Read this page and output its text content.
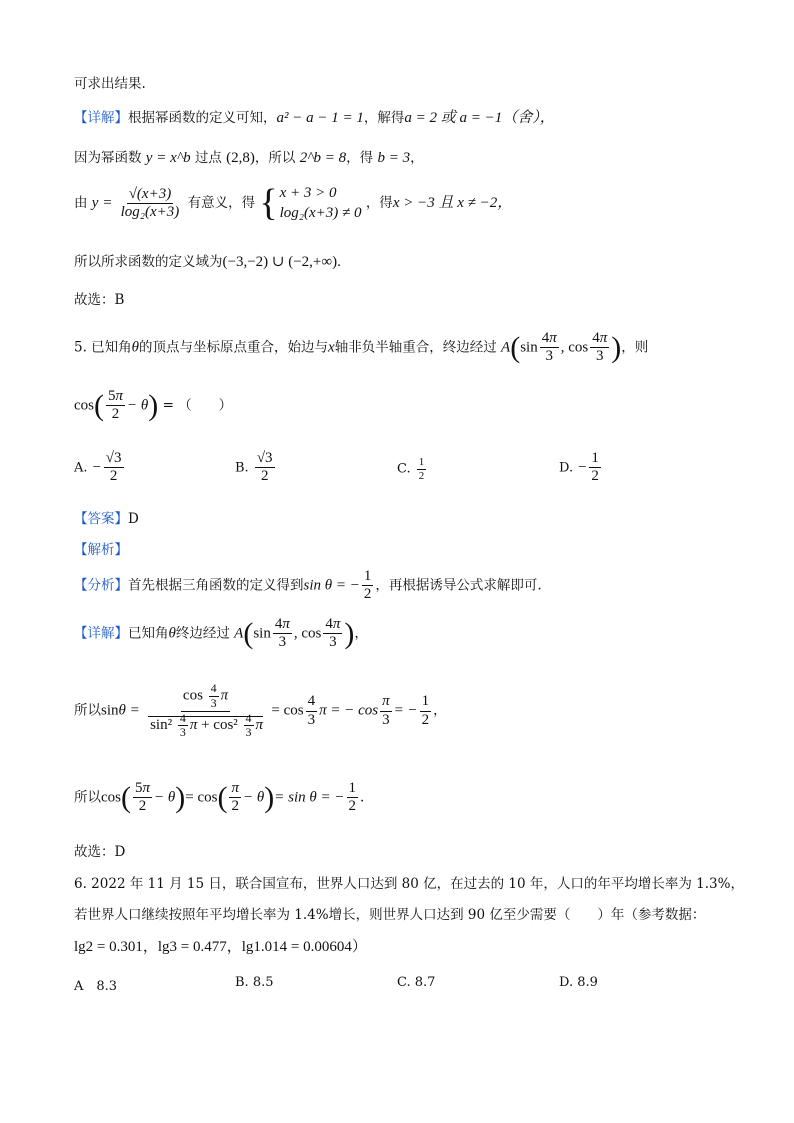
可求出结果.
【详解】根据幂函数的定义可知，a² − a − 1 = 1，解得a = 2 或 a = −1（舍），
因为幂函数 y = x^b 过点 (2,8)，所以 2^b = 8，得 b = 3，
由 $y = \frac{√(x+3)}{\text{log₂(x+3)}}$ 有意义，得 { x + 3 > 0
log₂(x+3) ≠ 0
，得x > −3 且 x ≠ −2，
所以所求函数的定义域为(−3,−2) ∪ (−2,+∞).
故选：B
5. 已知角θ的顶点与坐标原点重合，始边与x轴非负半轴重合，终边经过 $A(\sin \frac{4\pi}{3}$ , $\cos \frac{4\pi}{3}$ )，则
$\cos( \frac{5\pi}{2} - \theta)$ = （　　）
A. − $\frac{√3}{2}$	B. $\frac{√3}{2}$	C. $\frac{1}{2}$	D. − $\frac{1}{2}$
【答案】D
【解析】
【分析】首先根据三角函数的定义得到sin θ = − $\frac{1}{2}$ ，再根据诱导公式求解即可.
【详解】已知角θ终边经过 $A(\sin \frac{4\pi}{3}$ , $\cos \frac{4\pi}{3}$ )，
所以$\sin\theta = \frac{\cos \frac{4}{3} \pi}{\sin^2 \frac{4}{3} \pi + \cos^2 \frac{4}{3} \pi} = \cos \frac{4}{3}$ π = − $\cos \frac{\pi}{3}$ = − $\frac{1}{2}$ ，
所以$\cos( \frac{5\pi}{2} - \theta)= \cos( \frac{\pi}{2} - \theta)= \sin \theta$ = − $\frac{1}{2}$ .
故选：D
6. 2022 年 11 月 15 日，联合国宣布，世界人口达到 80 亿，在过去的 10 年，人口的年平均增长率为 1.3%，
若世界人口继续按照年平均增长率为 1.4%增长，则世界人口达到 90 亿至少需要（　　）年（参考数据：
lg2 = 0.301，lg3 = 0.477，lg1.014 = 0.00604）
A　8.3	B. 8.5	C. 8.7	D. 8.9
